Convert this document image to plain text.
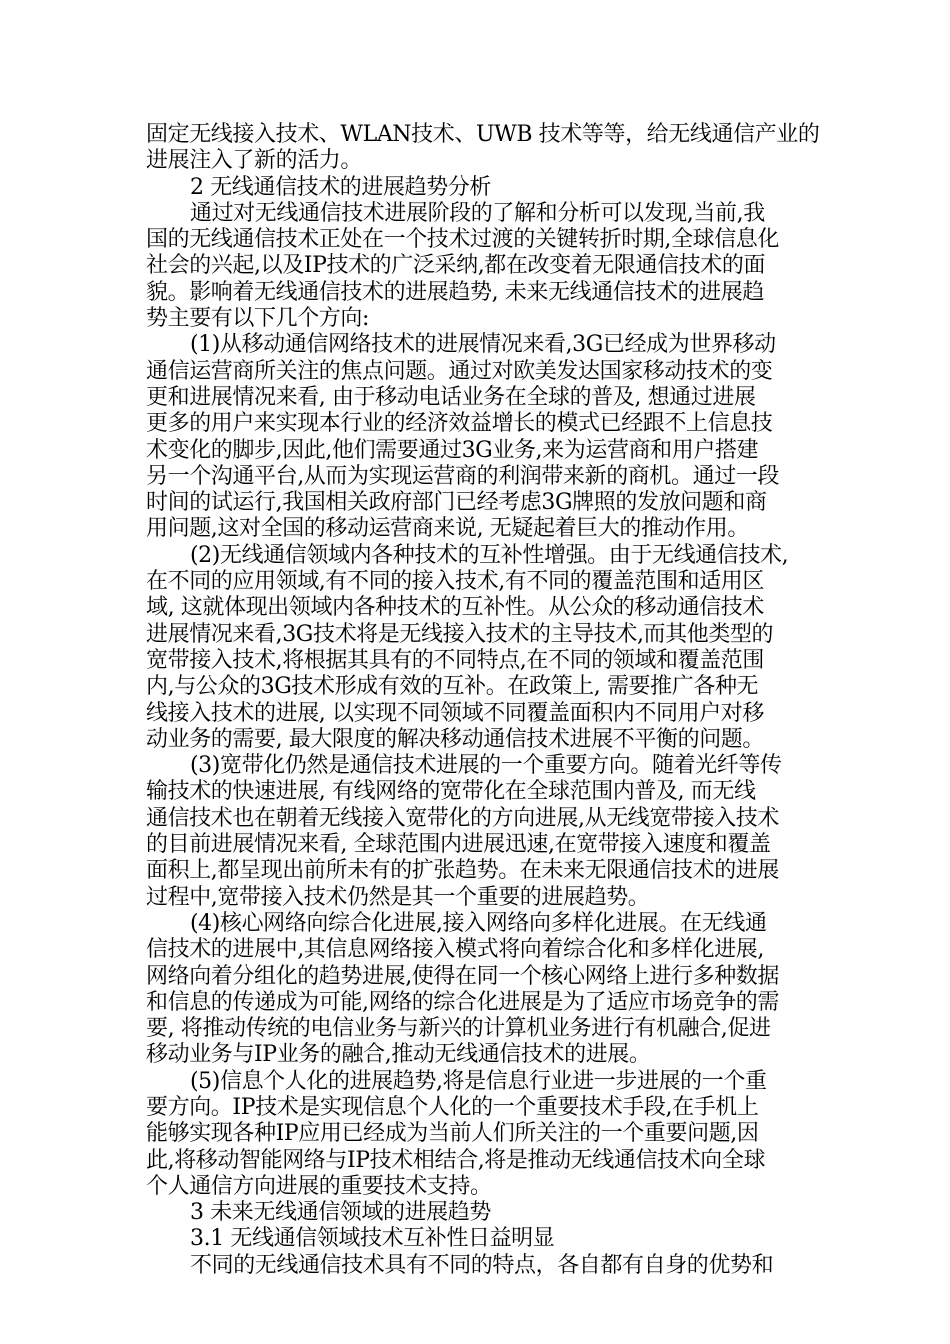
固定无线接入技术、WLAN技术、UWB 技术等等，给无线通信产业的
进展注入了新的活力。
2 无线通信技术的进展趋势分析
通过对无线通信技术进展阶段的了解和分析可以发现,当前,我
国的无线通信技术正处在一个技术过渡的关键转折时期,全球信息化
社会的兴起,以及IP技术的广泛采纳,都在改变着无限通信技术的面
貌。影响着无线通信技术的进展趋势, 未来无线通信技术的进展趋
势主要有以下几个方向:
(1)从移动通信网络技术的进展情况来看,3G已经成为世界移动
通信运营商所关注的焦点问题。通过对欧美发达国家移动技术的变
更和进展情况来看, 由于移动电话业务在全球的普及, 想通过进展
更多的用户来实现本行业的经济效益增长的模式已经跟不上信息技
术变化的脚步,因此,他们需要通过3G业务,来为运营商和用户搭建
另一个沟通平台,从而为实现运营商的利润带来新的商机。通过一段
时间的试运行,我国相关政府部门已经考虑3G牌照的发放问题和商
用问题,这对全国的移动运营商来说, 无疑起着巨大的推动作用。
(2)无线通信领域内各种技术的互补性增强。由于无线通信技术,
在不同的应用领域,有不同的接入技术,有不同的覆盖范围和适用区
域, 这就体现出领域内各种技术的互补性。从公众的移动通信技术
进展情况来看,3G技术将是无线接入技术的主导技术,而其他类型的
宽带接入技术,将根据其具有的不同特点,在不同的领域和覆盖范围
内,与公众的3G技术形成有效的互补。在政策上, 需要推广各种无
线接入技术的进展, 以实现不同领域不同覆盖面积内不同用户对移
动业务的需要, 最大限度的解决移动通信技术进展不平衡的问题。
(3)宽带化仍然是通信技术进展的一个重要方向。随着光纤等传
输技术的快速进展, 有线网络的宽带化在全球范围内普及, 而无线
通信技术也在朝着无线接入宽带化的方向进展,从无线宽带接入技术
的目前进展情况来看, 全球范围内进展迅速,在宽带接入速度和覆盖
面积上,都呈现出前所未有的扩张趋势。在未来无限通信技术的进展
过程中,宽带接入技术仍然是其一个重要的进展趋势。
(4)核心网络向综合化进展,接入网络向多样化进展。在无线通
信技术的进展中,其信息网络接入模式将向着综合化和多样化进展,
网络向着分组化的趋势进展,使得在同一个核心网络上进行多种数据
和信息的传递成为可能,网络的综合化进展是为了适应市场竞争的需
要, 将推动传统的电信业务与新兴的计算机业务进行有机融合,促进
移动业务与IP业务的融合,推动无线通信技术的进展。
(5)信息个人化的进展趋势,将是信息行业进一步进展的一个重
要方向。IP技术是实现信息个人化的一个重要技术手段,在手机上
能够实现各种IP应用已经成为当前人们所关注的一个重要问题,因
此,将移动智能网络与IP技术相结合,将是推动无线通信技术向全球
个人通信方向进展的重要技术支持。
3 未来无线通信领域的进展趋势
3.1 无线通信领域技术互补性日益明显
不同的无线通信技术具有不同的特点，各自都有自身的优势和
